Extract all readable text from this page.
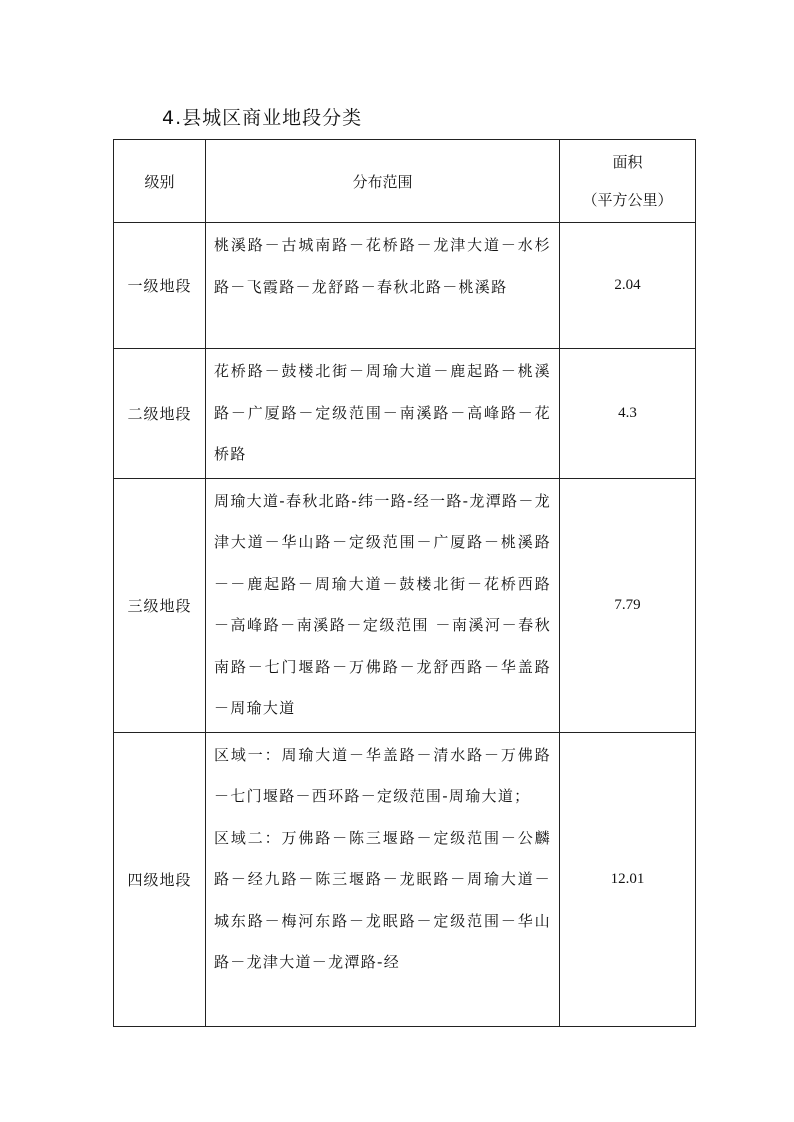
4.县城区商业地段分类
级别	分布范围	面积
（平方公里）

一级地段	桃溪路－古城南路－花桥路－龙津大道－水杉路－飞霞路－龙舒路－春秋北路－桃溪路	2.04
二级地段	花桥路－鼓楼北街－周瑜大道－鹿起路－桃溪路－广厦路－定级范围－南溪路－高峰路－花桥路	4.3
三级地段	周瑜大道-春秋北路-纬一路-经一路-龙潭路－龙津大道－华山路－定级范围－广厦路－桃溪路－－鹿起路－周瑜大道－鼓楼北街－花桥西路－高峰路－南溪路－定级范围 －南溪河－春秋南路－七门堰路－万佛路－龙舒西路－华盖路－周瑜大道	7.79
四级地段	区域一：周瑜大道－华盖路－清水路－万佛路－七门堰路－西环路－定级范围-周瑜大道；
区域二：万佛路－陈三堰路－定级范围－公麟路－经九路－陈三堰路－龙眠路－周瑜大道－城东路－梅河东路－龙眠路－定级范围－华山路－龙津大道－龙潭路-经	12.01
